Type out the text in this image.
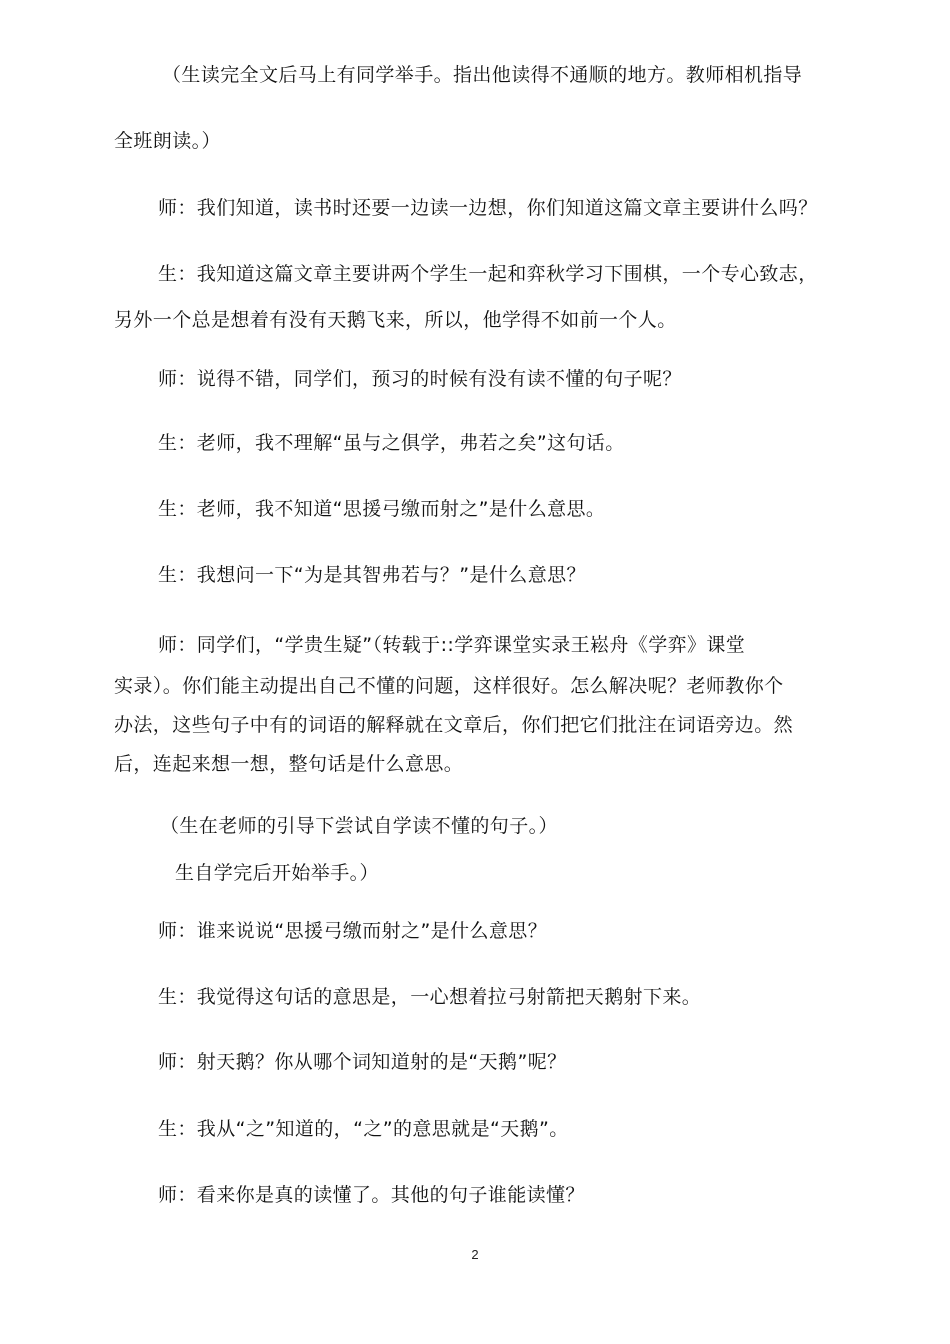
（生读完全文后马上有同学举手。指出他读得不通顺的地方。教师相机指导
全班朗读。）
师：我们知道，读书时还要一边读一边想，你们知道这篇文章主要讲什么吗？
生：我知道这篇文章主要讲两个学生一起和弈秋学习下围棋，一个专心致志，
另外一个总是想着有没有天鹅飞来，所以，他学得不如前一个人。
师：说得不错，同学们，预习的时候有没有读不懂的句子呢？
生：老师，我不理解“虽与之俱学，弗若之矣”这句话。
生：老师，我不知道“思援弓缴而射之”是什么意思。
生：我想问一下“为是其智弗若与？”是什么意思？
师：同学们，“学贵生疑”（转载于::学弈课堂实录王崧舟《学弈》课堂
实录）。你们能主动提出自己不懂的问题，这样很好。怎么解决呢？老师教你个
办法，这些句子中有的词语的解释就在文章后，你们把它们批注在词语旁边。然
后，连起来想一想，整句话是什么意思。
（生在老师的引导下尝试自学读不懂的句子。）
生自学完后开始举手。）
师：谁来说说“思援弓缴而射之”是什么意思？
生：我觉得这句话的意思是，一心想着拉弓射箭把天鹅射下来。
师：射天鹅？你从哪个词知道射的是“天鹅”呢？
生：我从“之”知道的，“之”的意思就是“天鹅”。
师：看来你是真的读懂了。其他的句子谁能读懂？
2
